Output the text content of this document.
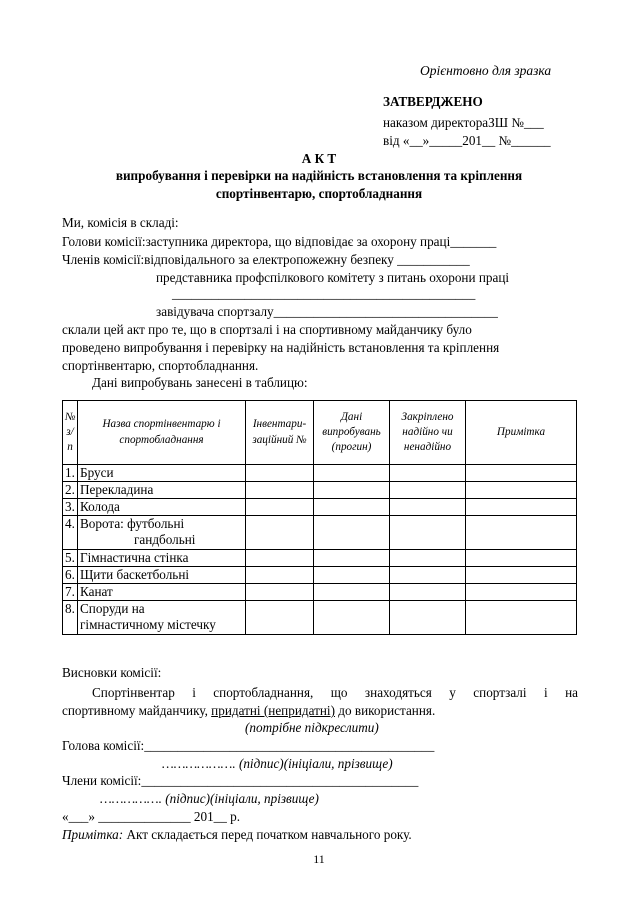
Орієнтовно для зразка
ЗАТВЕРДЖЕНО
наказом директораЗШ №___
від «__»_____201__ №______
А К Т
випробування і перевірки на надійність встановлення та кріплення
спортінвентарю, спортобладнання
Ми, комісія в складі:
Голови комісії:заступника директора, що відповідає за охорону праці_______
Членів комісії:відповідального за електропожежну безпеку ___________
представника профспілкового комітету з питань охорони праці
______________________________________________
завідувача спортзалу__________________________________
склали цей акт про те, що в спортзалі і на спортивному майданчику було
проведено випробування і перевірку на надійність встановлення та кріплення
спортінвентарю, спортобладнання.
Дані випробувань занесені в таблицю:
№ з/п	Назва спортінвентарю і спортобладнання	Інвентари-заційний №	Дані випробувань (прогин)	Закріплено надійно чи ненадійно	Примітка
1.	Бруси				
2.	Перекладина				
3.	Колода				
4.	Ворота: футбольні
гандбольні				

5.	Гімнастична стінка				
6.	Щити баскетбольні				
7.	Канат				
8.	Споруди на
гімнастичному містечку				

Висновки комісії:
Спортінвентар і спортобладнання, що знаходяться у спортзалі і на
спортивному майданчику, придатні (непридатні) до використання.
(потрібне підкреслити)
Голова комісії:____________________________________________
………………. (підпис)(ініціали, прізвище)
Члени комісії:__________________________________________
……………. (підпис)(ініціали, прізвище)
«___» ______________ 201__ р.
Примітка: Акт складається перед початком навчального року.
11
